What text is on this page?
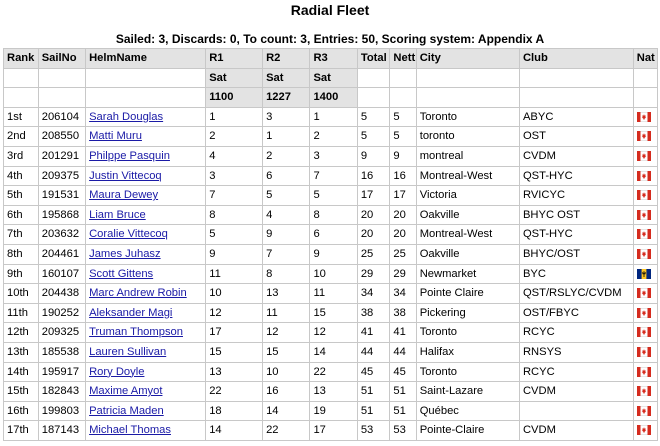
Radial Fleet
Sailed: 3, Discards: 0, To count: 3, Entries: 50, Scoring system: Appendix A
Rank	SailNo	HelmName	R1	R2	R3	Total	Nett	City	Club	Nat
			Sat	Sat	Sat					
			1100	1227	1400					
1st	206104	Sarah Douglas	1	3	1	5	5	Toronto	ABYC	

2nd	208550	Matti Muru	2	1	2	5	5	toronto	OST	

3rd	201291	Philppe Pasquin	4	2	3	9	9	montreal	CVDM	

4th	209375	Justin Vittecoq	3	6	7	16	16	Montreal-West	QST-HYC	

5th	191531	Maura Dewey	7	5	5	17	17	Victoria	RVICYC	

6th	195868	Liam Bruce	8	4	8	20	20	Oakville	BHYC OST	

7th	203632	Coralie Vittecoq	5	9	6	20	20	Montreal-West	QST-HYC	

8th	204461	James Juhasz	9	7	9	25	25	Oakville	BHYC/OST	

9th	160107	Scott Gittens	11	8	10	29	29	Newmarket	BYC	

10th	204438	Marc Andrew Robin	10	13	11	34	34	Pointe Claire	QST/RSLYC/CVDM	

11th	190252	Aleksander Magi	12	11	15	38	38	Pickering	OST/FBYC	

12th	209325	Truman Thompson	17	12	12	41	41	Toronto	RCYC	

13th	185538	Lauren Sullivan	15	15	14	44	44	Halifax	RNSYS	

14th	195917	Rory Doyle	13	10	22	45	45	Toronto	RCYC	

15th	182843	Maxime Amyot	22	16	13	51	51	Saint-Lazare	CVDM	

16th	199803	Patricia Maden	18	14	19	51	51	Québec		

17th	187143	Michael Thomas	14	22	17	53	53	Pointe-Claire	CVDM	
